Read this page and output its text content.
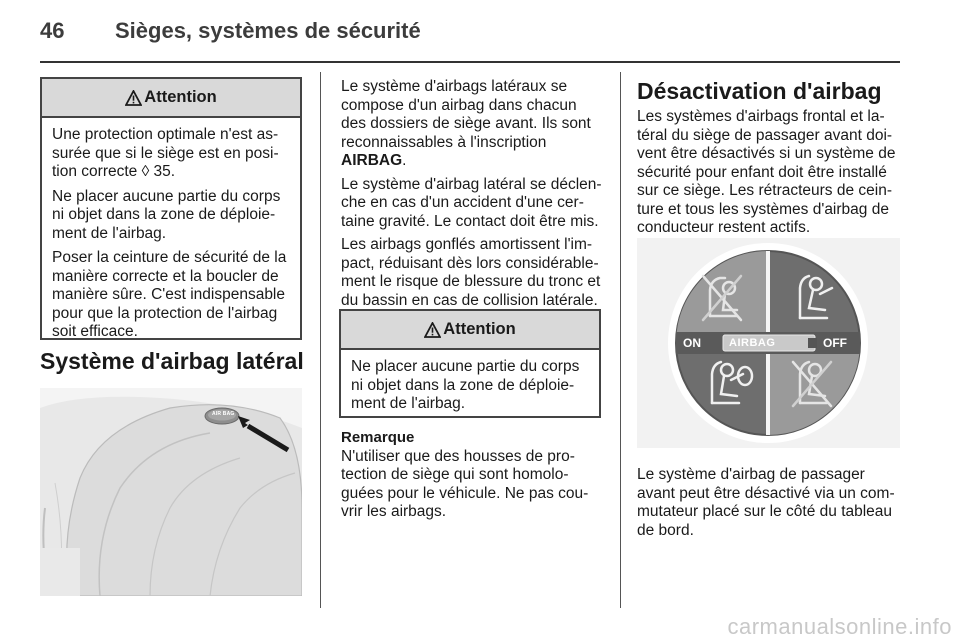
46 Sièges, systèmes de sécurité
Attention

Une protection optimale n'est as-
surée que si le siège est en posi-
tion correcte ◊ 35.

Ne placer aucune partie du corps
ni objet dans la zone de déploie-
ment de l'airbag.

Poser la ceinture de sécurité de la
manière correcte et la boucler de
manière sûre. C'est indispensable
pour que la protection de l'airbag
soit efficace.

Système d'airbag latéral
AIR BAG

Le système d'airbags latéraux se
compose d'un airbag dans chacun
des dossiers de siège avant. Ils sont
reconnaissables à l'inscription
AIRBAG.

Le système d'airbag latéral se déclen-
che en cas d'un accident d'une cer-
taine gravité. Le contact doit être mis.

Les airbags gonflés amortissent l'im-
pact, réduisant dès lors considérable-
ment le risque de blessure du tronc et
du bassin en cas de collision latérale.

Attention

Ne placer aucune partie du corps
ni objet dans la zone de déploie-
ment de l'airbag.

Remarque
N'utiliser que des housses de pro-
tection de siège qui sont homolo-
guées pour le véhicule. Ne pas cou-
vrir les airbags.
Désactivation d'airbag

Les systèmes d'airbags frontal et la-
téral du siège de passager avant doi-
vent être désactivés si un système de
sécurité pour enfant doit être installé
sur ce siège. Les rétracteurs de cein-
ture et tous les systèmes d'airbag de
conducteur restent actifs.

ON	AIRBAG	OFF

Le système d'airbag de passager
avant peut être désactivé via un com-
mutateur placé sur le côté du tableau
de bord.

carmanualsonline.info
